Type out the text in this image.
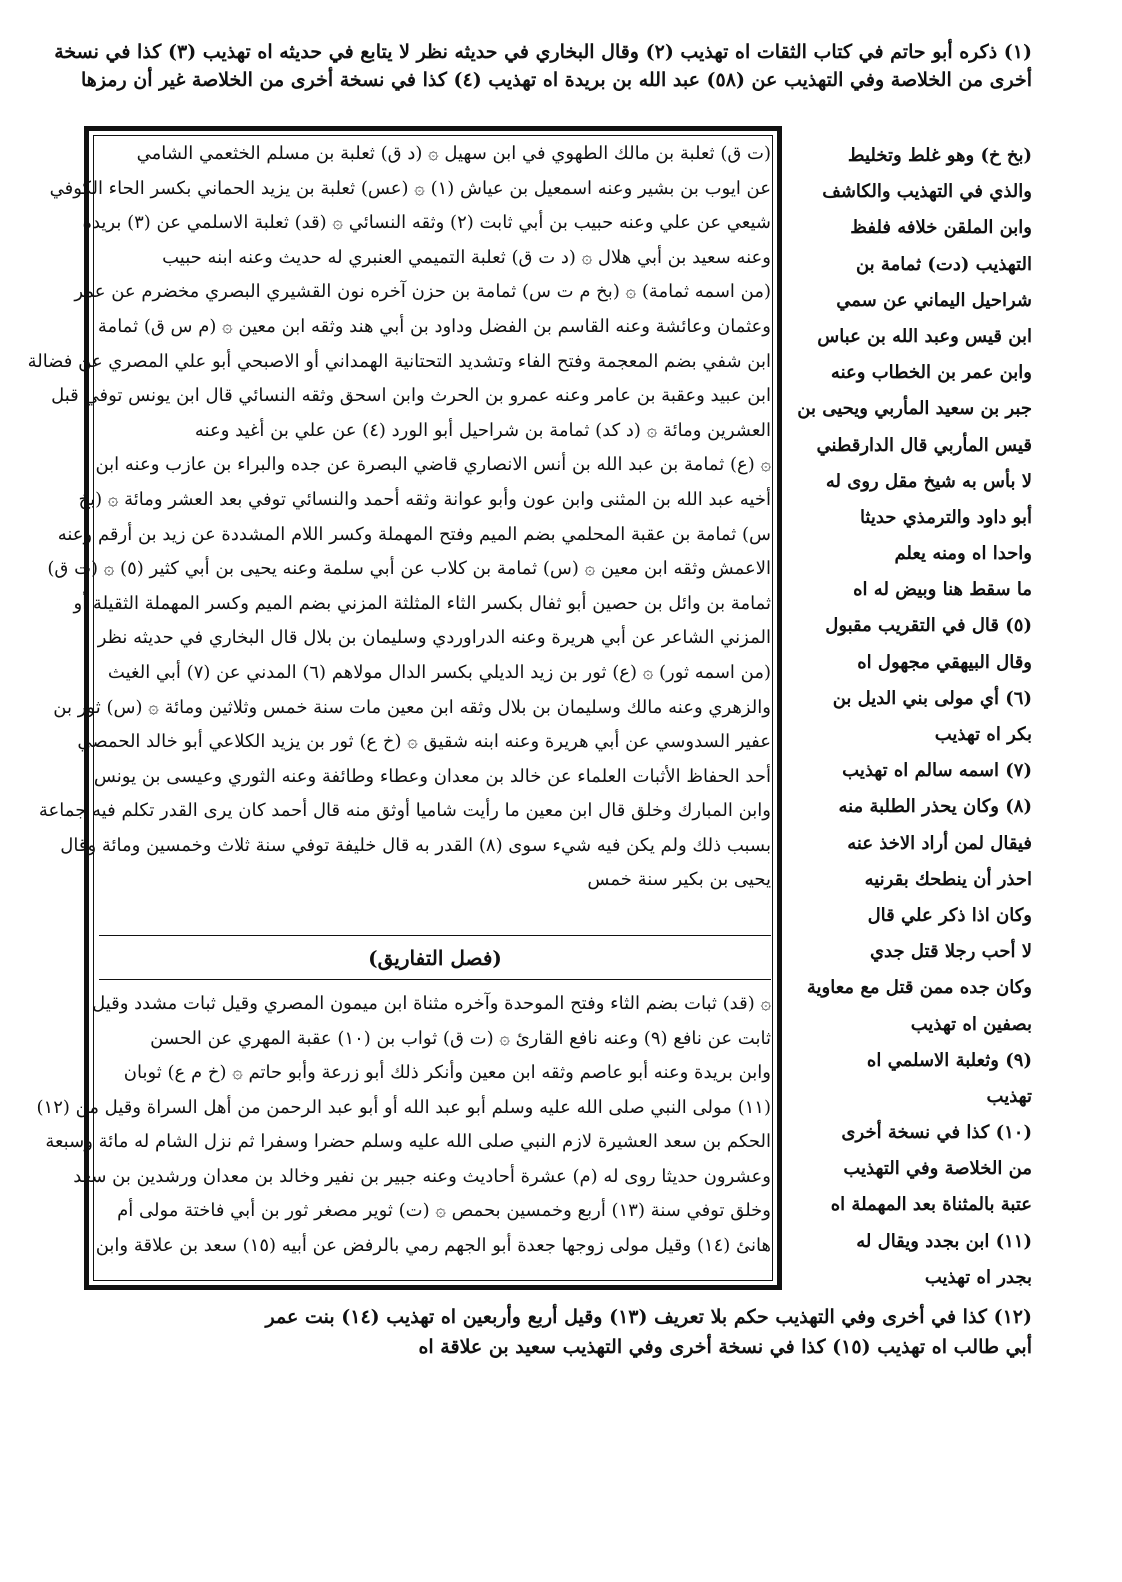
(١) ذكره أبو حاتم في كتاب الثقات اه تهذيب (٢) وقال البخاري في حديثه نظر لا يتابع في حديثه اه تهذيب (٣) كذا في نسخة
أخرى من الخلاصة وفي التهذيب عن (٥٨) عبد الله بن بريدة اه تهذيب (٤) كذا في نسخة أخرى من الخلاصة غير أن رمزها
(ت ق) ثعلبة بن مالك الطهوي في ابن سهيل ۞ (د ق) ثعلبة بن مسلم الخثعمي الشامي
عن ايوب بن بشير وعنه اسمعيل بن عياش (١) ۞ (عس) ثعلبة بن يزيد الحماني بكسر الحاء الكوفي
شيعي عن علي وعنه حبيب بن أبي ثابت (٢) وثقه النسائي ۞ (قد) ثعلبة الاسلمي عن (٣) بريدة
وعنه سعيد بن أبي هلال ۞ (د ت ق) ثعلبة التميمي العنبري له حديث وعنه ابنه حبيب
(من اسمه ثمامة) ۞ (بخ م ت س) ثمامة بن حزن آخره نون القشيري البصري مخضرم عن عمر
وعثمان وعائشة وعنه القاسم بن الفضل وداود بن أبي هند وثقه ابن معين ۞ (م س ق) ثمامة
ابن شفي بضم المعجمة وفتح الفاء وتشديد التحتانية الهمداني أو الاصبحي أبو علي المصري عن فضالة
ابن عبيد وعقبة بن عامر وعنه عمرو بن الحرث وابن اسحق وثقه النسائي قال ابن يونس توفي قبل
العشرين ومائة ۞ (د كد) ثمامة بن شراحيل أبو الورد (٤) عن علي بن أغيد وعنه
۞ (ع) ثمامة بن عبد الله بن أنس الانصاري قاضي البصرة عن جده والبراء بن عازب وعنه ابن
أخيه عبد الله بن المثنى وابن عون وأبو عوانة وثقه أحمد والنسائي توفي بعد العشر ومائة ۞ (بخ
س) ثمامة بن عقبة المحلمي بضم الميم وفتح المهملة وكسر اللام المشددة عن زيد بن أرقم وعنه
الاعمش وثقه ابن معين ۞ (س) ثمامة بن كلاب عن أبي سلمة وعنه يحيى بن أبي كثير (٥) ۞ (ت ق)
ثمامة بن وائل بن حصين أبو ثفال بكسر الثاء المثلثة المزني بضم الميم وكسر المهملة الثقيلة أو
المزني الشاعر عن أبي هريرة وعنه الدراوردي وسليمان بن بلال قال البخاري في حديثه نظر
(من اسمه ثور) ۞ (ع) ثور بن زيد الديلي بكسر الدال مولاهم (٦) المدني عن (٧) أبي الغيث
والزهري وعنه مالك وسليمان بن بلال وثقه ابن معين مات سنة خمس وثلاثين ومائة ۞ (س) ثور بن
عفير السدوسي عن أبي هريرة وعنه ابنه شقيق ۞ (خ ع) ثور بن يزيد الكلاعي أبو خالد الحمصي
أحد الحفاظ الأثبات العلماء عن خالد بن معدان وعطاء وطائفة وعنه الثوري وعيسى بن يونس
وابن المبارك وخلق قال ابن معين ما رأيت شاميا أوثق منه قال أحمد كان يرى القدر تكلم فيه جماعة
بسبب ذلك ولم يكن فيه شيء سوى (٨) القدر به قال خليفة توفي سنة ثلاث وخمسين ومائة وقال
يحيى بن بكير سنة خمس
(فصل التفاريق)
۞ (قد) ثبات بضم الثاء وفتح الموحدة وآخره مثناة ابن ميمون المصري وقيل ثبات مشدد وقيل
ثابت عن نافع (٩) وعنه نافع القارئ ۞ (ت ق) ثواب بن (١٠) عقبة المهري عن الحسن
وابن بريدة وعنه أبو عاصم وثقه ابن معين وأنكر ذلك أبو زرعة وأبو حاتم ۞ (خ م ع) ثوبان
(١١) مولى النبي صلى الله عليه وسلم أبو عبد الله أو أبو عبد الرحمن من أهل السراة وقيل من (١٢)
الحكم بن سعد العشيرة لازم النبي صلى الله عليه وسلم حضرا وسفرا ثم نزل الشام له مائة وسبعة
وعشرون حديثا روى له (م) عشرة أحاديث وعنه جبير بن نفير وخالد بن معدان ورشدين بن سعد
وخلق توفي سنة (١٣) أربع وخمسين بحمص ۞ (ت) ثوير مصغر ثور بن أبي فاختة مولى أم
هانئ (١٤) وقيل مولى زوجها جعدة أبو الجهم رمي بالرفض عن أبيه (١٥) سعد بن علاقة وابن
(بخ خ) وهو غلط وتخليط
والذي في التهذيب والكاشف
وابن الملقن خلافه فلفظ
التهذيب (دت) ثمامة بن
شراحيل اليماني عن سمي
ابن قيس وعبد الله بن عباس
وابن عمر بن الخطاب وعنه
جبر بن سعيد المأربي ويحيى بن
قيس المأربي قال الدارقطني
لا بأس به شيخ مقل روى له
أبو داود والترمذي حديثا
واحدا اه ومنه يعلم
ما سقط هنا وبيض له اه
(٥) قال في التقريب مقبول
وقال البيهقي مجهول اه
(٦) أي مولى بني الديل بن
بكر اه تهذيب
(٧) اسمه سالم اه تهذيب
(٨) وكان يحذر الطلبة منه
فيقال لمن أراد الاخذ عنه
احذر أن ينطحك بقرنيه
وكان اذا ذكر علي قال
لا أحب رجلا قتل جدي
وكان جده ممن قتل مع معاوية
بصفين اه تهذيب
(٩) وثعلبة الاسلمي اه
تهذيب
(١٠) كذا في نسخة أخرى
من الخلاصة وفي التهذيب
عتبة بالمثناة بعد المهملة اه
(١١) ابن بجدد ويقال له
بجدر اه تهذيب
(١٢) كذا في أخرى وفي التهذيب حكم بلا تعريف (١٣) وقيل أربع وأربعين اه تهذيب (١٤) بنت عمر
أبي طالب اه تهذيب (١٥) كذا في نسخة أخرى وفي التهذيب سعيد بن علاقة اه
